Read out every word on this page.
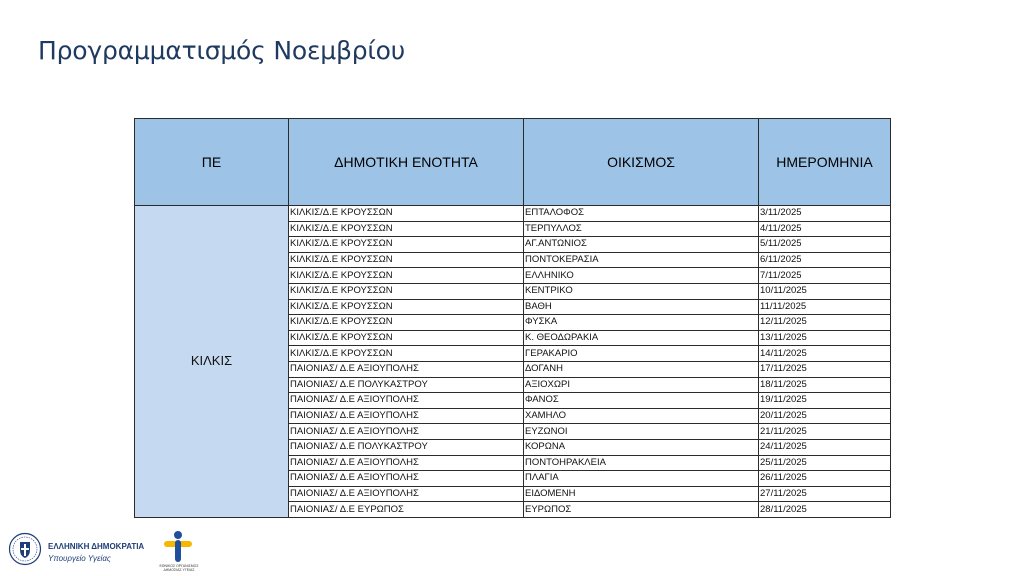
Προγραμματισμός Νοεμβρίου
ΠΕ	ΔΗΜΟΤΙΚΗ ΕΝΟΤΗΤΑ	ΟΙΚΙΣΜΟΣ	ΗΜΕΡΟΜΗΝΙΑ
ΚΙΛΚΙΣ	ΚΙΛΚΙΣ/Δ.Ε ΚΡΟΥΣΣΩΝ	ΕΠΤΑΛΟΦΟΣ	3/11/2025
	ΚΙΛΚΙΣ/Δ.Ε ΚΡΟΥΣΣΩΝ	ΤΕΡΠΥΛΛΟΣ	4/11/2025
	ΚΙΛΚΙΣ/Δ.Ε ΚΡΟΥΣΣΩΝ	ΑΓ.ΑΝΤΩΝΙΟΣ	5/11/2025
	ΚΙΛΚΙΣ/Δ.Ε ΚΡΟΥΣΣΩΝ	ΠΟΝΤΟΚΕΡΑΣΙΑ	6/11/2025
	ΚΙΛΚΙΣ/Δ.Ε ΚΡΟΥΣΣΩΝ	ΕΛΛΗΝΙΚΟ	7/11/2025
	ΚΙΛΚΙΣ/Δ.Ε ΚΡΟΥΣΣΩΝ	ΚΕΝΤΡΙΚΟ	10/11/2025
	ΚΙΛΚΙΣ/Δ.Ε ΚΡΟΥΣΣΩΝ	ΒΑΘΗ	11/11/2025
	ΚΙΛΚΙΣ/Δ.Ε ΚΡΟΥΣΣΩΝ	ΦΥΣΚΑ	12/11/2025
	ΚΙΛΚΙΣ/Δ.Ε ΚΡΟΥΣΣΩΝ	Κ. ΘΕΟΔΩΡΑΚΙΑ	13/11/2025
	ΚΙΛΚΙΣ/Δ.Ε ΚΡΟΥΣΣΩΝ	ΓΕΡΑΚΑΡΙΟ	14/11/2025
	ΠΑΙΟΝΙΑΣ/ Δ.Ε ΑΞΙΟΥΠΟΛΗΣ	ΔΟΓΑΝΗ	17/11/2025
	ΠΑΙΟΝΙΑΣ/ Δ.Ε ΠΟΛΥΚΑΣΤΡΟΥ	ΑΞΙΟΧΩΡΙ	18/11/2025
	ΠΑΙΟΝΙΑΣ/ Δ.Ε ΑΞΙΟΥΠΟΛΗΣ	ΦΑΝΟΣ	19/11/2025
	ΠΑΙΟΝΙΑΣ/ Δ.Ε ΑΞΙΟΥΠΟΛΗΣ	ΧΑΜΗΛΟ	20/11/2025
	ΠΑΙΟΝΙΑΣ/ Δ.Ε ΑΞΙΟΥΠΟΛΗΣ	ΕΥΖΩΝΟΙ	21/11/2025
	ΠΑΙΟΝΙΑΣ/ Δ.Ε ΠΟΛΥΚΑΣΤΡΟΥ	ΚΟΡΩΝΑ	24/11/2025
	ΠΑΙΟΝΙΑΣ/ Δ.Ε ΑΞΙΟΥΠΟΛΗΣ	ΠΟΝΤΟΗΡΑΚΛΕΙΑ	25/11/2025
	ΠΑΙΟΝΙΑΣ/ Δ.Ε ΑΞΙΟΥΠΟΛΗΣ	ΠΛΑΓΙΑ	26/11/2025
	ΠΑΙΟΝΙΑΣ/ Δ.Ε ΑΞΙΟΥΠΟΛΗΣ	ΕΙΔΟΜΕΝΗ	27/11/2025
	ΠΑΙΟΝΙΑΣ/ Δ.Ε ΕΥΡΩΠΟΣ	ΕΥΡΩΠΟΣ	28/11/2025
ΕΛΛΗΝΙΚΗ ΔΗΜΟΚΡΑΤΙΑ
Υπουργείο Υγείας
ΕΘΝΙΚΟΣ ΟΡΓΑΝΙΣΜΟΣ ΔΗΜΟΣΙΑΣ ΥΓΕΙΑΣ
